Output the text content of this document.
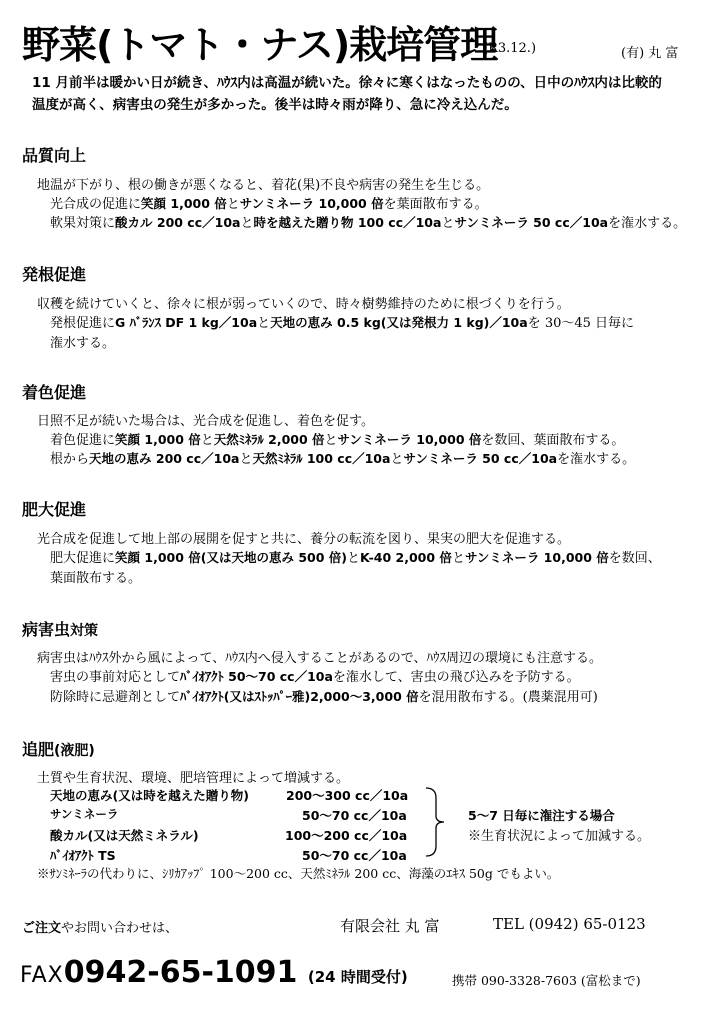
野菜(トマト・ナス)栽培管理
(R3.12.)	(有) 丸 富
11 月前半は暖かい日が続き、ﾊｳｽ内は高温が続いた。徐々に寒くはなったものの、日中のﾊｳｽ内は比較的
温度が高く、病害虫の発生が多かった。後半は時々雨が降り、急に冷え込んだ。
品質向上
地温が下がり、根の働きが悪くなると、着花(果)不良や病害の発生を生じる。
光合成の促進に笑顔 1,000 倍とサンミネーラ 10,000 倍を葉面散布する。
軟果対策に酸カル 200 cc／10aと時を越えた贈り物 100 cc／10aとサンミネーラ 50 cc／10aを潅水する。
発根促進
収穫を続けていくと、徐々に根が弱っていくので、時々樹勢維持のために根づくりを行う。
発根促進にG ﾊﾞﾗﾝｽ DF 1 kg／10aと天地の恵み 0.5 kg(又は発根力 1 kg)／10aを 30～45 日毎に
潅水する。
着色促進
日照不足が続いた場合は、光合成を促進し、着色を促す。
着色促進に笑顔 1,000 倍と天然ﾐﾈﾗﾙ 2,000 倍とサンミネーラ 10,000 倍を数回、葉面散布する。
根から天地の恵み 200 cc／10aと天然ﾐﾈﾗﾙ 100 cc／10aとサンミネーラ 50 cc／10aを潅水する。
肥大促進
光合成を促進して地上部の展開を促すと共に、養分の転流を図り、果実の肥大を促進する。
肥大促進に笑顔 1,000 倍(又は天地の恵み 500 倍)とK-40 2,000 倍とサンミネーラ 10,000 倍を数回、
葉面散布する。
病害虫対策
病害虫はﾊｳｽ外から風によって、ﾊｳｽ内へ侵入することがあるので、ﾊｳｽ周辺の環境にも注意する。
害虫の事前対応としてﾊﾞｲｵｱｸﾄ 50～70 cc／10aを潅水して、害虫の飛び込みを予防する。
防除時に忌避剤としてﾊﾞｲｵｱｸﾄ(又はｽﾄｯﾊﾟｰ雅)2,000～3,000 倍を混用散布する。(農薬混用可)
追肥(液肥)
土質や生育状況、環境、肥培管理によって増減する。
天地の恵み(又は時を越えた贈り物)	200～300 cc／10a
サンミネーラ	50～70 cc／10a
酸カル(又は天然ミネラル)	100～200 cc／10a
ﾊﾞｲｵｱｸﾄ TS	50～70 cc／10a
5～7 日毎に潅注する場合
※生育状況によって加減する。
※ｻﾝﾐﾈｰﾗの代わりに、ｼﾘｶｱｯﾌﾟ 100～200 cc、天然ﾐﾈﾗﾙ 200 cc、海藻のｴｷｽ 50g でもよい。
ご注文やお問い合わせは、	有限会社 丸 富	TEL (0942) 65-0123
FAX0942-65-1091 (24 時間受付)	携帯 090-3328-7603 (富松まで)
